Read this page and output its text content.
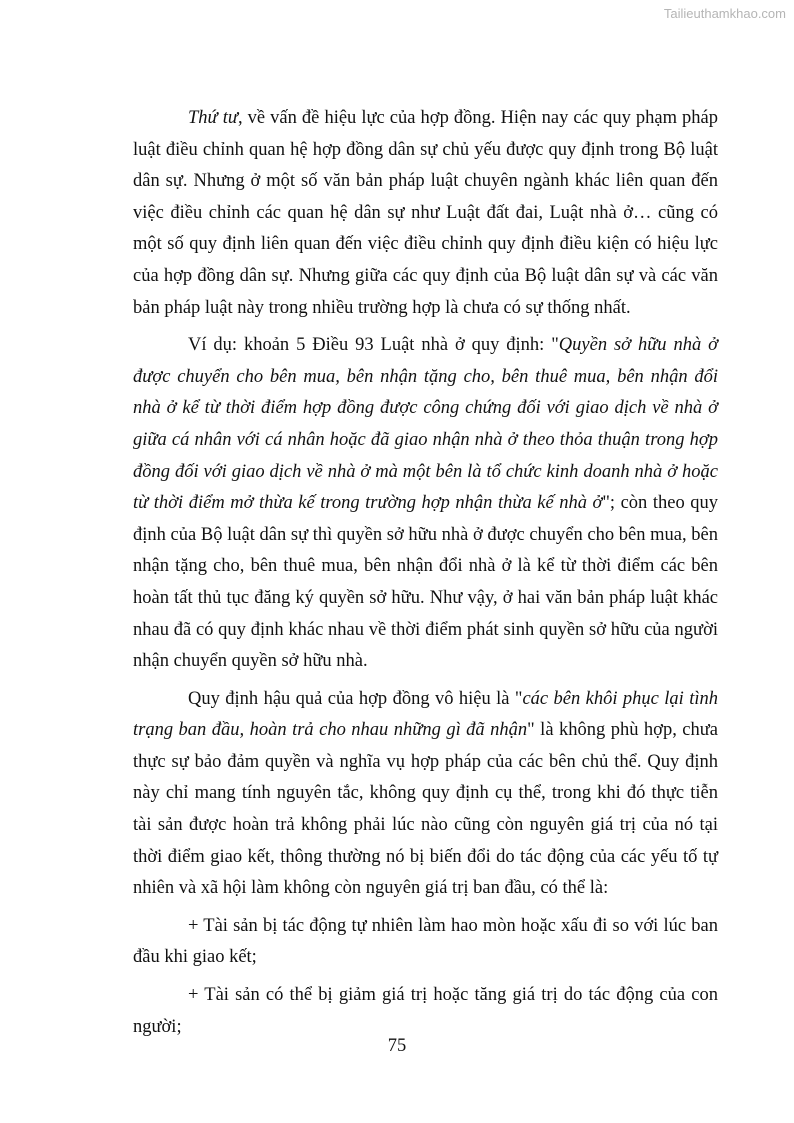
Tailieuthamkhao.com

Thứ tư, về vấn đề hiệu lực của hợp đồng. Hiện nay các quy phạm pháp luật điều chỉnh quan hệ hợp đồng dân sự chủ yếu được quy định trong Bộ luật dân sự. Nhưng ở một số văn bản pháp luật chuyên ngành khác liên quan đến việc điều chỉnh các quan hệ dân sự như Luật đất đai, Luật nhà ở… cũng có một số quy định liên quan đến việc điều chỉnh quy định điều kiện có hiệu lực của hợp đồng dân sự. Nhưng giữa các quy định của Bộ luật dân sự và các văn bản pháp luật này trong nhiều trường hợp là chưa có sự thống nhất.

Ví dụ: khoản 5 Điều 93 Luật nhà ở quy định: "Quyền sở hữu nhà ở được chuyển cho bên mua, bên nhận tặng cho, bên thuê mua, bên nhận đổi nhà ở kể từ thời điểm hợp đồng được công chứng đối với giao dịch về nhà ở giữa cá nhân với cá nhân hoặc đã giao nhận nhà ở theo thỏa thuận trong hợp đồng đối với giao dịch về nhà ở mà một bên là tổ chức kinh doanh nhà ở hoặc từ thời điểm mở thừa kế trong trường hợp nhận thừa kế nhà ở"; còn theo quy định của Bộ luật dân sự thì quyền sở hữu nhà ở được chuyển cho bên mua, bên nhận tặng cho, bên thuê mua, bên nhận đổi nhà ở là kể từ thời điểm các bên hoàn tất thủ tục đăng ký quyền sở hữu. Như vậy, ở hai văn bản pháp luật khác nhau đã có quy định khác nhau về thời điểm phát sinh quyền sở hữu của người nhận chuyển quyền sở hữu nhà.

Quy định hậu quả của hợp đồng vô hiệu là "các bên khôi phục lại tình trạng ban đầu, hoàn trả cho nhau những gì đã nhận" là không phù hợp, chưa thực sự bảo đảm quyền và nghĩa vụ hợp pháp của các bên chủ thể. Quy định này chỉ mang tính nguyên tắc, không quy định cụ thể, trong khi đó thực tiễn tài sản được hoàn trả không phải lúc nào cũng còn nguyên giá trị của nó tại thời điểm giao kết, thông thường nó bị biến đổi do tác động của các yếu tố tự nhiên và xã hội làm không còn nguyên giá trị ban đầu, có thể là:

+ Tài sản bị tác động tự nhiên làm hao mòn hoặc xấu đi so với lúc ban đầu khi giao kết;

+ Tài sản có thể bị giảm giá trị hoặc tăng giá trị do tác động của con người;

75
